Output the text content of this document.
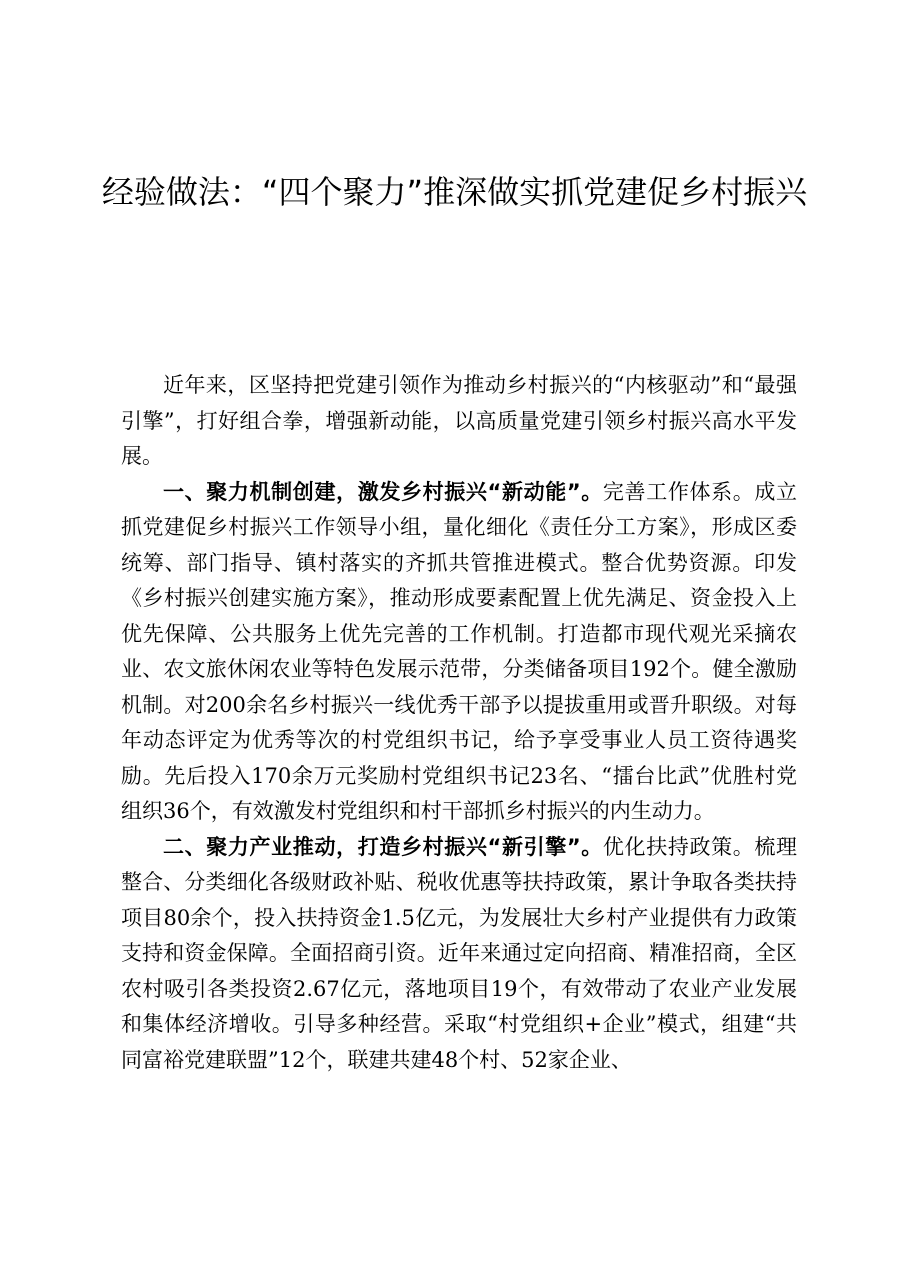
经验做法：“四个聚力”推深做实抓党建促乡村振兴

近年来，区坚持把党建引领作为推动乡村振兴的“内核驱动”和“最强引擎”，打好组合拳，增强新动能，以高质量党建引领乡村振兴高水平发展。

一、聚力机制创建，激发乡村振兴“新动能”。完善工作体系。成立抓党建促乡村振兴工作领导小组，量化细化《责任分工方案》，形成区委统筹、部门指导、镇村落实的齐抓共管推进模式。整合优势资源。印发《乡村振兴创建实施方案》，推动形成要素配置上优先满足、资金投入上优先保障、公共服务上优先完善的工作机制。打造都市现代观光采摘农业、农文旅休闲农业等特色发展示范带，分类储备项目192个。健全激励机制。对200余名乡村振兴一线优秀干部予以提拔重用或晋升职级。对每年动态评定为优秀等次的村党组织书记，给予享受事业人员工资待遇奖励。先后投入170余万元奖励村党组织书记23名、“擂台比武”优胜村党组织36个，有效激发村党组织和村干部抓乡村振兴的内生动力。

二、聚力产业推动，打造乡村振兴“新引擎”。优化扶持政策。梳理整合、分类细化各级财政补贴、税收优惠等扶持政策，累计争取各类扶持项目80余个，投入扶持资金1.5亿元，为发展壮大乡村产业提供有力政策支持和资金保障。全面招商引资。近年来通过定向招商、精准招商，全区农村吸引各类投资2.67亿元，落地项目19个，有效带动了农业产业发展和集体经济增收。引导多种经营。采取“村党组织+企业”模式，组建“共同富裕党建联盟”12个，联建共建48个村、52家企业、
